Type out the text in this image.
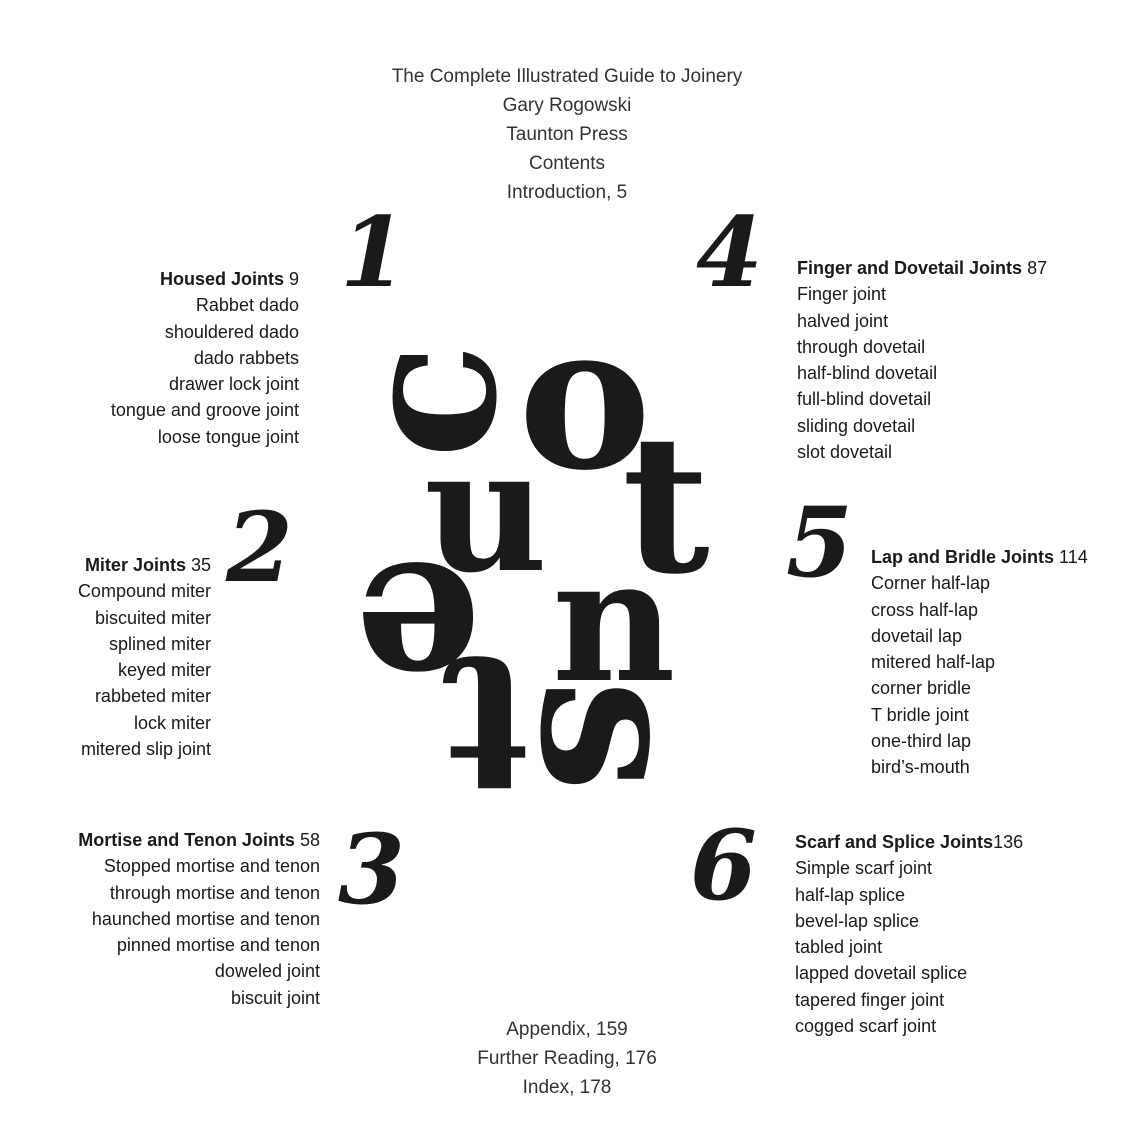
The Complete Illustrated Guide to Joinery
Gary Rogowski
Taunton Press
Contents
Introduction, 5
1
2
3
4
5
6
Housed Joints 9
Rabbet dado
shouldered dado
dado rabbets
drawer lock joint
tongue and groove joint
loose tongue joint
Miter Joints 35
Compound miter
biscuited miter
splined miter
keyed miter
rabbeted miter
lock miter
mitered slip joint
Mortise and Tenon Joints 58
Stopped mortise and tenon
through mortise and tenon
haunched mortise and tenon
pinned mortise and tenon
doweled joint
biscuit joint
Finger and Dovetail Joints 87
Finger joint
halved joint
through dovetail
half-blind dovetail
full-blind dovetail
sliding dovetail
slot dovetail
Lap and Bridle Joints 114
Corner half-lap
cross half-lap
dovetail lap
mitered half-lap
corner bridle
T bridle joint
one-third lap
bird’s-mouth
Scarf and Splice Joints136
Simple scarf joint
half-lap splice
bevel-lap splice
tabled joint
lapped dovetail splice
tapered finger joint
cogged scarf joint
c
o
u t
e n
t
s
Appendix, 159
Further Reading, 176
Index, 178
